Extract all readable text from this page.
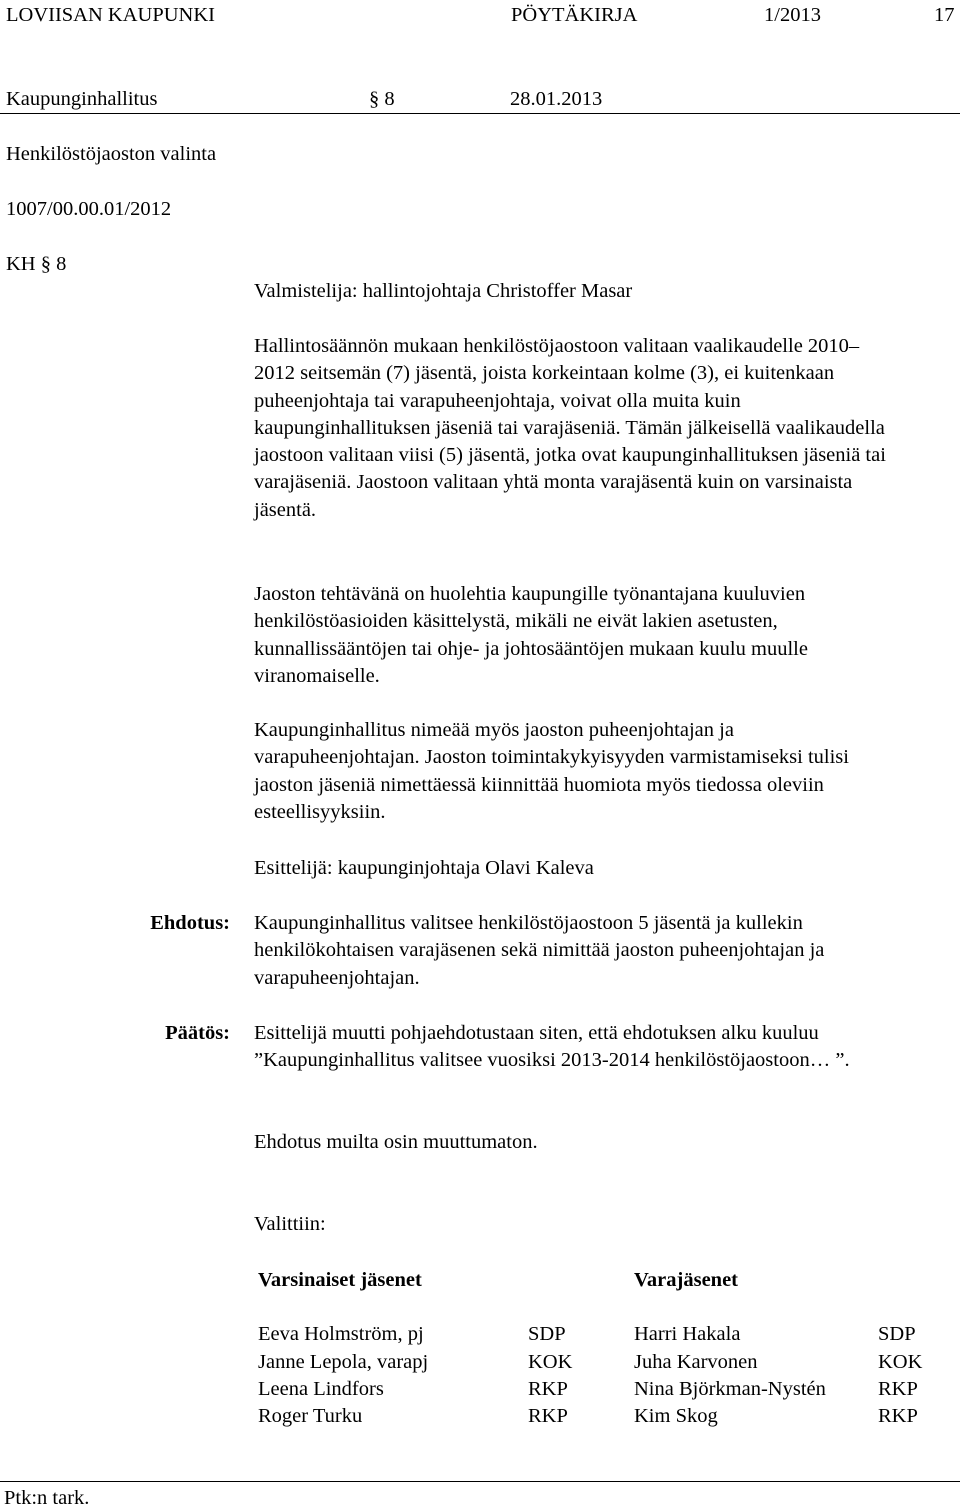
LOVIISAN KAUPUNKI	PÖYTÄKIRJA	1/2013	17
Kaupunginhallitus	§ 8	28.01.2013
Henkilöstöjaoston valinta
1007/00.00.01/2012
KH § 8
Valmistelija: hallintojohtaja Christoffer Masar
Hallintosäännön mukaan henkilöstöjaostoon valitaan vaalikaudelle 2010–2012 seitsemän (7) jäsentä, joista korkeintaan kolme (3), ei kuitenkaan puheenjohtaja tai varapuheenjohtaja, voivat olla muita kuin kaupunginhallituksen jäseniä tai varajäseniä. Tämän jälkeisellä vaalikaudella jaostoon valitaan viisi (5) jäsentä, jotka ovat kaupunginhallituksen jäseniä tai varajäseniä. Jaostoon valitaan yhtä monta varajäsentä kuin on varsinaista jäsentä.
Jaoston tehtävänä on huolehtia kaupungille työnantajana kuuluvien henkilöstöasioiden käsittelystä, mikäli ne eivät lakien asetusten, kunnallissääntöjen tai ohje- ja johtosääntöjen mukaan kuulu muulle viranomaiselle.
Kaupunginhallitus nimeää myös jaoston puheenjohtajan ja varapuheenjohtajan. Jaoston toimintakykyisyyden varmistamiseksi tulisi jaoston jäseniä nimettäessä kiinnittää huomiota myös tiedossa oleviin esteellisyyksiin.
Esittelijä: kaupunginjohtaja Olavi Kaleva
Ehdotus: Kaupunginhallitus valitsee henkilöstöjaostoon 5 jäsentä ja kullekin henkilökohtaisen varajäsenen sekä nimittää jaoston puheenjohtajan ja varapuheenjohtajan.
Päätös: Esittelijä muutti pohjaehdotustaan siten, että ehdotuksen alku kuuluu ”Kaupunginhallitus valitsee vuosiksi 2013-2014 henkilöstöjaostoon… ”.
Ehdotus muilta osin muuttumaton.
Valittiin:
Varsinaiset jäsenet	Varajäsenet
Eeva Holmström, pj	SDP	Harri Hakala	SDP
Janne Lepola, varapj	KOK	Juha Karvonen	KOK
Leena Lindfors	RKP	Nina Björkman-Nystén	RKP
Roger Turku	RKP	Kim Skog	RKP
Ptk:n tark.
